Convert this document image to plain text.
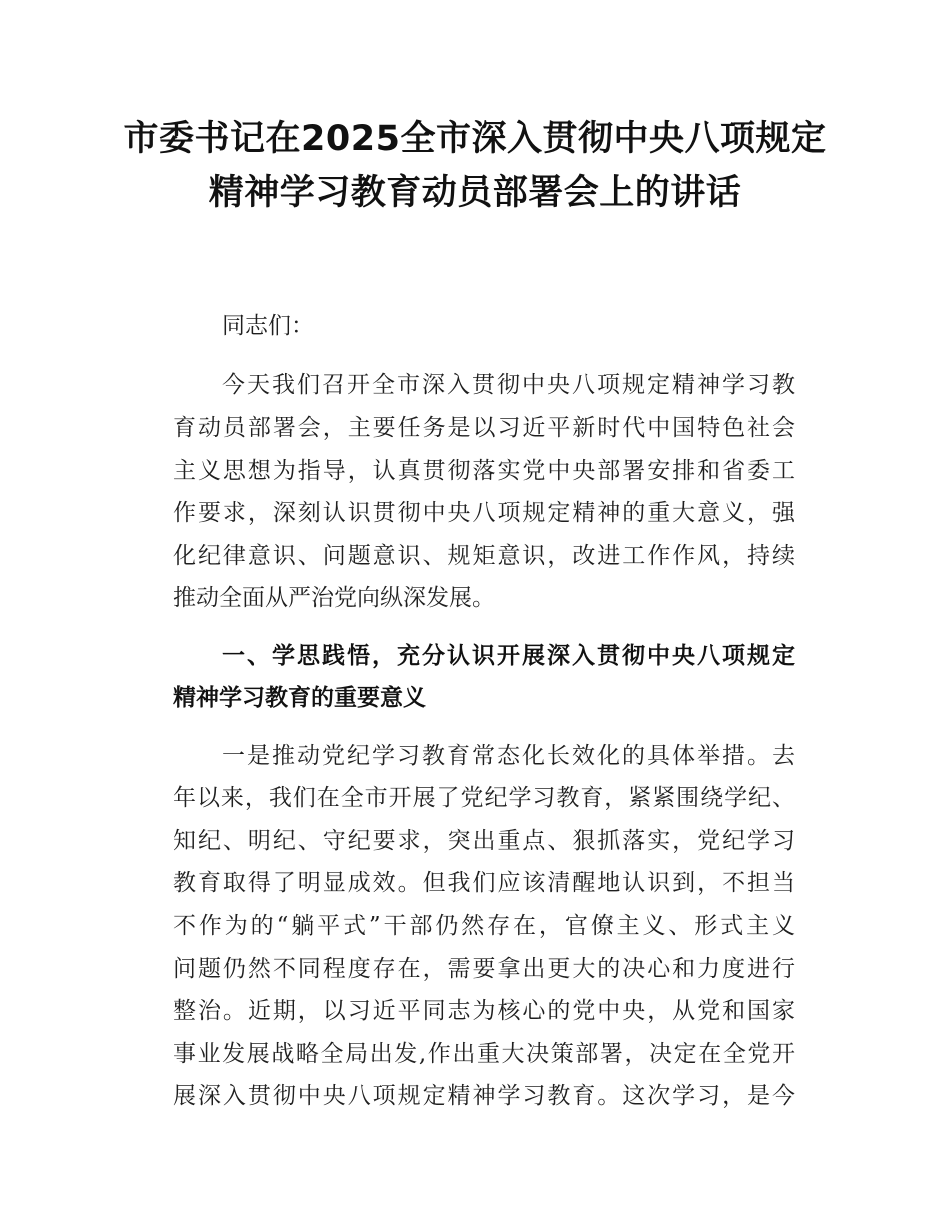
市委书记在2025全市深入贯彻中央八项规定
精神学习教育动员部署会上的讲话
同志们：
今天我们召开全市深入贯彻中央八项规定精神学习教
育动员部署会，主要任务是以习近平新时代中国特色社会
主义思想为指导，认真贯彻落实党中央部署安排和省委工
作要求，深刻认识贯彻中央八项规定精神的重大意义，强
化纪律意识、问题意识、规矩意识，改进工作作风，持续
推动全面从严治党向纵深发展。
一、学思践悟，充分认识开展深入贯彻中央八项规定
精神学习教育的重要意义
一是推动党纪学习教育常态化长效化的具体举措。去
年以来，我们在全市开展了党纪学习教育，紧紧围绕学纪、
知纪、明纪、守纪要求，突出重点、狠抓落实，党纪学习
教育取得了明显成效。但我们应该清醒地认识到，不担当
不作为的“躺平式”干部仍然存在，官僚主义、形式主义
问题仍然不同程度存在，需要拿出更大的决心和力度进行
整治。近期，以习近平同志为核心的党中央，从党和国家
事业发展战略全局出发,作出重大决策部署，决定在全党开
展深入贯彻中央八项规定精神学习教育。这次学习，是今
